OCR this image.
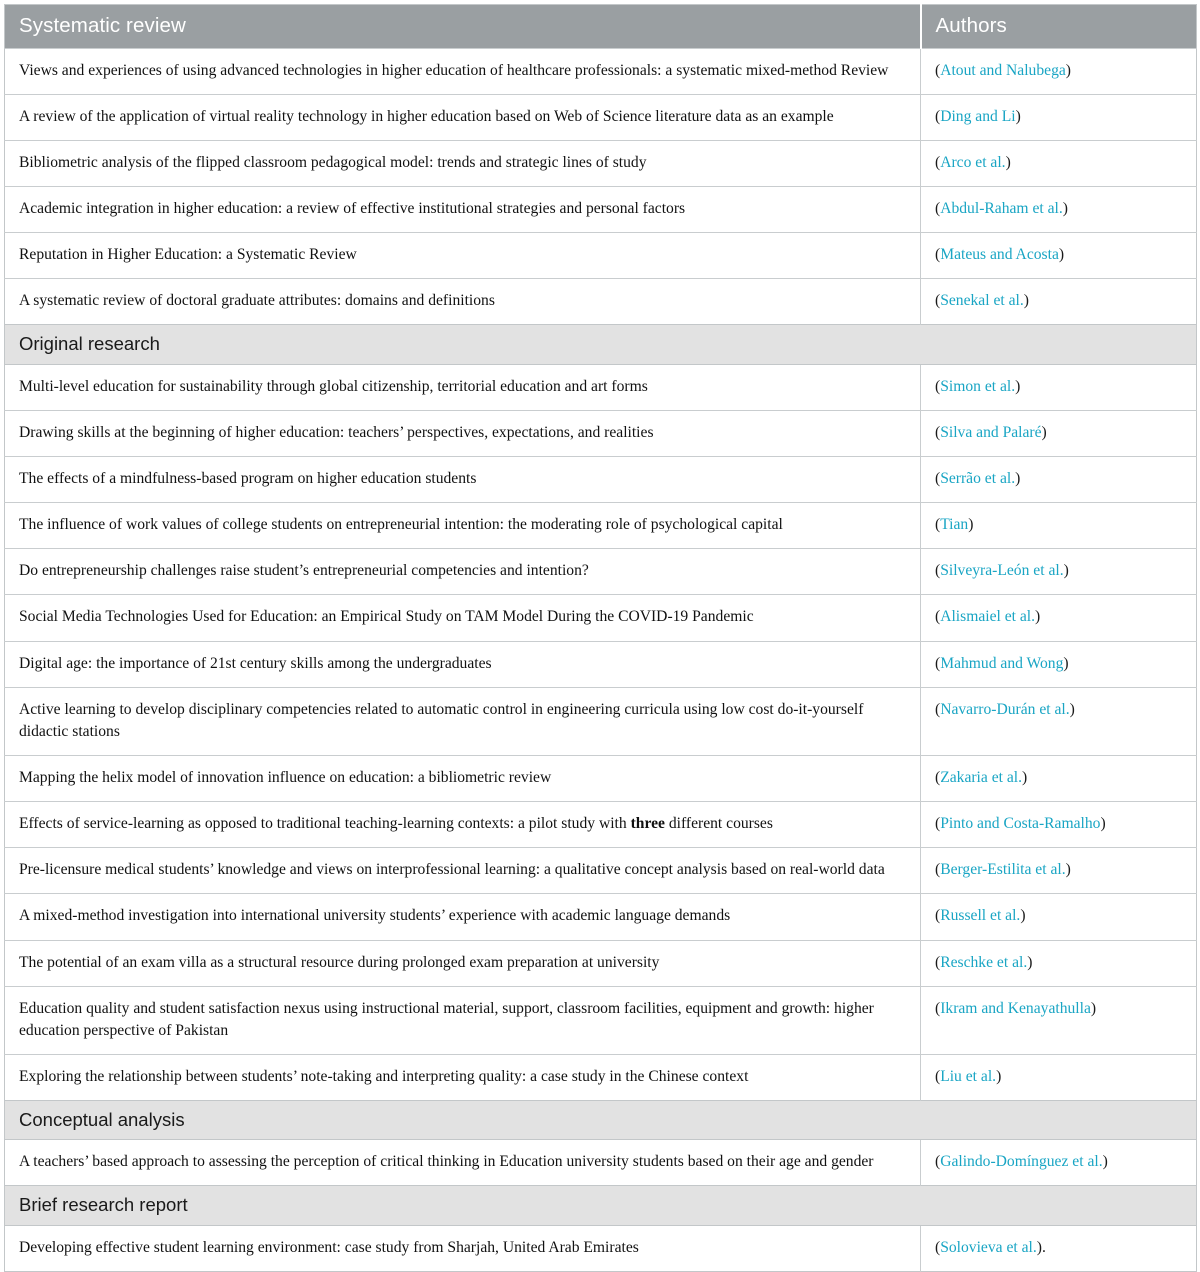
Systematic review	Authors
Views and experiences of using advanced technologies in higher education of healthcare professionals: a systematic mixed-method Review	(Atout and Nalubega)
A review of the application of virtual reality technology in higher education based on Web of Science literature data as an example	(Ding and Li)
Bibliometric analysis of the flipped classroom pedagogical model: trends and strategic lines of study	(Arco et al.)
Academic integration in higher education: a review of effective institutional strategies and personal factors	(Abdul-Raham et al.)
Reputation in Higher Education: a Systematic Review	(Mateus and Acosta)
A systematic review of doctoral graduate attributes: domains and definitions	(Senekal et al.)
Original research	
Multi-level education for sustainability through global citizenship, territorial education and art forms	(Simon et al.)
Drawing skills at the beginning of higher education: teachers’ perspectives, expectations, and realities	(Silva and Palaré)
The effects of a mindfulness-based program on higher education students	(Serrão et al.)
The influence of work values of college students on entrepreneurial intention: the moderating role of psychological capital	(Tian)
Do entrepreneurship challenges raise student’s entrepreneurial competencies and intention?	(Silveyra-León et al.)
Social Media Technologies Used for Education: an Empirical Study on TAM Model During the COVID-19 Pandemic	(Alismaiel et al.)
Digital age: the importance of 21st century skills among the undergraduates	(Mahmud and Wong)
Active learning to develop disciplinary competencies related to automatic control in engineering curricula using low cost do-it-yourself didactic stations	(Navarro-Durán et al.)
Mapping the helix model of innovation influence on education: a bibliometric review	(Zakaria et al.)
Effects of service-learning as opposed to traditional teaching-learning contexts: a pilot study with three different courses	(Pinto and Costa-Ramalho)
Pre-licensure medical students’ knowledge and views on interprofessional learning: a qualitative concept analysis based on real-world data	(Berger-Estilita et al.)
A mixed-method investigation into international university students’ experience with academic language demands	(Russell et al.)
The potential of an exam villa as a structural resource during prolonged exam preparation at university	(Reschke et al.)
Education quality and student satisfaction nexus using instructional material, support, classroom facilities, equipment and growth: higher education perspective of Pakistan	(Ikram and Kenayathulla)
Exploring the relationship between students’ note-taking and interpreting quality: a case study in the Chinese context	(Liu et al.)
Conceptual analysis	
A teachers’ based approach to assessing the perception of critical thinking in Education university students based on their age and gender	(Galindo-Domínguez et al.)
Brief research report	
Developing effective student learning environment: case study from Sharjah, United Arab Emirates	(Solovieva et al.).
